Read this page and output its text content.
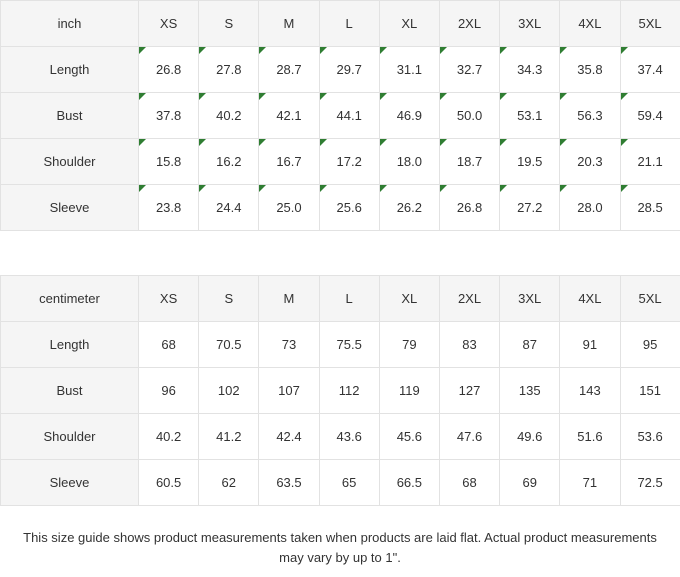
inch	XS	S	M	L	XL	2XL	3XL	4XL	5XL
Length	26.8	27.8	28.7	29.7	31.1	32.7	34.3	35.8	37.4
Bust	37.8	40.2	42.1	44.1	46.9	50.0	53.1	56.3	59.4
Shoulder	15.8	16.2	16.7	17.2	18.0	18.7	19.5	20.3	21.1
Sleeve	23.8	24.4	25.0	25.6	26.2	26.8	27.2	28.0	28.5
centimeter	XS	S	M	L	XL	2XL	3XL	4XL	5XL
Length	68	70.5	73	75.5	79	83	87	91	95
Bust	96	102	107	112	119	127	135	143	151
Shoulder	40.2	41.2	42.4	43.6	45.6	47.6	49.6	51.6	53.6
Sleeve	60.5	62	63.5	65	66.5	68	69	71	72.5
This size guide shows product measurements taken when products are laid flat. Actual product measurements may vary by up to 1".
